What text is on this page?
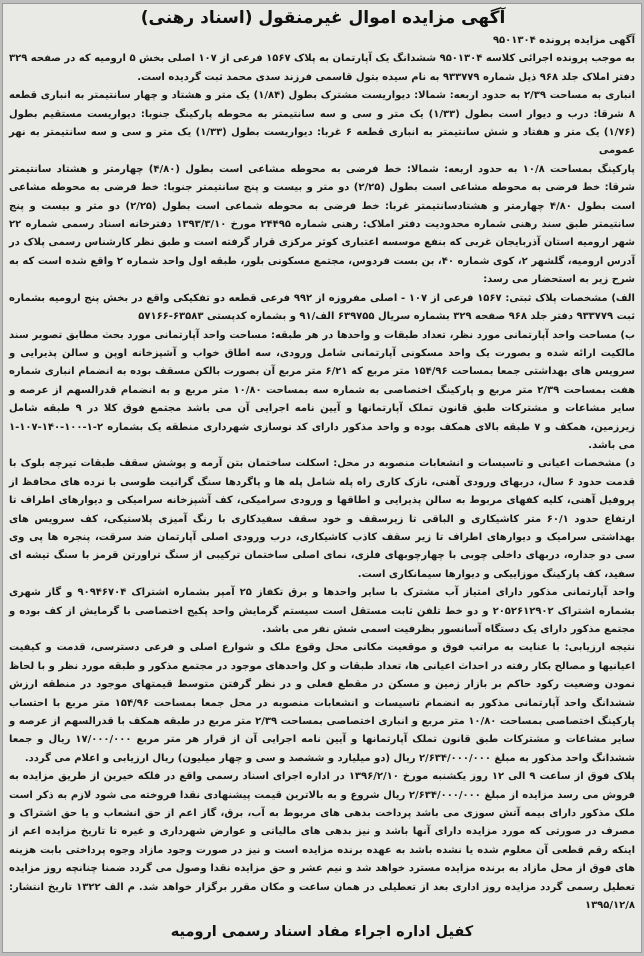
آگهی مزایده اموال غیرمنقول (اسناد رهنی)

آگهی مزایده پرونده ۹۵۰۱۳۰۴

به موجب پرونده اجرائی کلاسه ۹۵۰۱۳۰۴ ششدانگ یک آپارتمان به پلاک ۱۵۶۷ فرعی از ۱۰۷ اصلی بخش ۵ ارومیه که در صفحه ۳۲۹ دفتر املاک جلد ۹۶۸ ذیل شماره ۹۳۳۷۷۹ به نام سیده بتول قاسمی فرزند سدی محمد ثبت گردیده است.

انباری به مساحت ۲/۳۹ به حدود اربعه: شمالا: دیواریست مشترک بطول (۱/۸۴) یک متر و هشتاد و چهار سانتیمتر به انباری قطعه ۸ شرقا: درب و دیوار است بطول (۱/۳۳) یک متر و سی و سه سانتیمتر به محوطه پارکینگ جنوبا: دیواریست مستقیم بطول (۱/۷۶) یک متر و هفتاد و شش سانتیمتر به انباری قطعه ۶ غربا: دیواریست بطول (۱/۳۳) یک متر و سی و سه سانتیمتر به نهر عمومی

پارکینگ بمساحت ۱۰/۸ به حدود اربعه: شمالا: خط فرضی به محوطه مشاعی است بطول (۴/۸۰) چهارمتر و هشتاد سانتیمتر شرقا: خط فرضی به محوطه مشاعی است بطول (۲/۲۵) دو متر و بیست و پنج سانتیمتر جنوبا: خط فرضی به محوطه مشاعی است بطول ۴/۸۰ چهارمتر و هشتادسانتیمتر غربا: خط فرضی به محوطه شماعی است بطول (۲/۲۵) دو متر و بیست و پنج سانتیمتر طبق سند رهنی شماره محدودیت دفتر املاک: رهنی شماره ۲۴۴۹۵ مورخ ۱۳۹۳/۳/۱۰ دفترخانه اسناد رسمی شماره ۲۲ شهر ارومیه استان آذربایجان غربی که بنفع موسسه اعتباری کوثر مرکزی قرار گرفته است و طبق نظر کارشناس رسمی پلاک در آدرس ارومیه، گلشهر ۲، کوی شماره ۴۰، بن بست فردوس، مجتمع مسکونی بلور، طبقه اول واحد شماره ۲ واقع شده است که به شرح زیر به استحضار می رسد:

الف) مشخصات پلاک ثبتی: ۱۵۶۷ فرعی از ۱۰۷ - اصلی مفروزه از ۹۹۲ فرعی قطعه دو تفکیکی واقع در بخش پنج ارومیه بشماره ثبت ۹۳۳۷۷۹ دفتر جلد ۹۶۸ صفحه ۳۲۹ بشماره سریال ۶۳۹۷۵۵ الف/۹۱ و بشماره کدپستی ۶۳۵۸۳-۵۷۱۶۶

ب) مساحت واحد آپارتمانی مورد نظر، تعداد طبقات و واحدها در هر طبقه: مساحت واحد آپارتمانی مورد بحث مطابق تصویر سند مالکیت ارائه شده و بصورت یک واحد مسکونی آپارتمانی شامل ورودی، سه اطاق خواب و آشپزخانه اوپن و سالن پذیرایی و سرویس های بهداشتی جمعا بمساحت ۱۵۴/۹۶ متر مربع که ۶/۲۱ متر مربع آن بصورت بالکن مسقف بوده به انضمام انباری شماره هفت بمساحت ۲/۳۹ متر مربع و پارکینگ اختصاصی به شماره سه بمساحت ۱۰/۸۰ متر مربع و به انضمام قدرالسهم از عرصه و سایر مشاعات و مشترکات طبق قانون تملک آپارتمانها و آیین نامه اجرایی آن می باشد مجتمع فوق کلا در ۹ طبقه شامل زیرزمین، همکف و ۷ طبقه بالای همکف بوده و واحد مذکور دارای کد نوسازی شهرداری منطقه یک بشماره ۲-۱-۱۰۰-۱۴۰-۱۰۷-۱ می باشد.

د) مشخصات اعیانی و تاسیسات و انشعابات منصوبه در محل: اسکلت ساختمان بتن آرمه و پوشش سقف طبقات تیرچه بلوک با قدمت حدود ۶ سال، دربهای ورودی آهنی، نازک کاری راه پله شامل پله ها و پاگردها سنگ گرانیت طوسی با نرده های محافظ از پروفیل آهنی، کلیه کفهای مربوط به سالن پذیرایی و اطاقها و ورودی سرامیکی، کف آشپزخانه سرامیکی و دیوارهای اطراف تا ارتفاع حدود ۶۰/۱ متر کاشیکاری و الباقی تا زیرسقف و خود سقف سفیدکاری با رنگ آمیزی پلاستیکی، کف سرویس های بهداشتی سرامیک و دیوارهای اطراف تا زیر سقف کاذب کاشیکاری، درب ورودی اصلی آپارتمان ضد سرقت، پنجره ها پی وی سی دو جداره، دربهای داخلی چوبی با چهارچوبهای فلزی، نمای اصلی ساختمان ترکیبی از سنگ تراورتن قرمز با سنگ تیشه ای سفید، کف پارکینگ موزاییکی و دیوارها سیمانکاری است.

واحد آپارتمانی مذکور دارای امتیاز آب مشترک با سایر واحدها و برق تکفاز ۲۵ آمپر بشماره اشتراک ۹۰۹۴۶۷۰۴ و گاز شهری بشماره اشتراک ۲۰۵۲۶۱۲۹۰۲ و دو خط تلفن ثابت مستقل است سیستم گرمایش واحد پکیج اختصاصی با گرمایش از کف بوده و مجتمع مذکور دارای یک دستگاه آسانسور بظرفیت اسمی شش نفر می باشد.

نتیجه ارزیابی: با عنایت به مراتب فوق و موقعیت مکانی محل وقوع ملک و شوارع اصلی و فرعی دسترسی، قدمت و کیفیت اعیانیها و مصالح بکار رفته در احداث اعیانی ها، تعداد طبقات و کل واحدهای موجود در مجتمع مذکور و طبقه مورد نظر و با لحاظ نمودن وضعیت رکود حاکم بر بازار زمین و مسکن در مقطع فعلی و در نظر گرفتن متوسط قیمتهای موجود در منطقه ارزش ششدانگ واحد آپارتمانی مذکور به انضمام تاسیسات و انشعابات منصوبه در محل جمعا بمساحت ۱۵۴/۹۶ متر مربع با احتساب پارکینگ اختصاصی بمساحت ۱۰/۸۰ متر مربع و انباری اختصاصی بمساحت ۲/۳۹ متر مربع در طبقه همکف با قدرالسهم از عرصه و سایر مشاعات و مشترکات طبق قانون تملک آپارتمانها و آیین نامه اجرایی آن از قرار هر متر مربع ۱۷/۰۰۰/۰۰۰ ریال و جمعا ششدانگ واحد مذکور به مبلغ ۲/۶۳۴/۰۰۰/۰۰۰ ریال (دو میلیارد و ششصد و سی و چهار میلیون) ریال ارزیابی و اعلام می گردد.

پلاک فوق از ساعت ۹ الی ۱۲ روز یکشنبه مورخ ۱۳۹۶/۲/۱۰ در اداره اجرای اسناد رسمی واقع در فلکه خیرین از طریق مزایده به فروش می رسد مزایده از مبلغ ۲/۶۳۴/۰۰۰/۰۰۰ ریال شروع و به بالاترین قیمت پیشنهادی نقدا فروخته می شود لازم به ذکر است ملک مذکور دارای بیمه آتش سوزی می باشد پرداخت بدهی های مربوط به آب، برق، گاز اعم از حق انشعاب و یا حق اشتراک و مصرف در صورتی که مورد مزایده دارای آنها باشد و نیز بدهی های مالیاتی و عوارض شهرداری و غیره تا تاریخ مزایده اعم از اینکه رقم قطعی آن معلوم شده یا نشده باشد به عهده برنده مزایده است و نیز در صورت وجود مازاد وجوه پرداختی بابت هزینه های فوق از محل مازاد به برنده مزایده مسترد خواهد شد و نیم عشر و حق مزایده نقدا وصول می گردد ضمنا چنانچه روز مزایده تعطیل رسمی گردد مزایده روز اداری بعد از تعطیلی در همان ساعت و مکان مقرر برگزار خواهد شد. م الف ۱۳۲۲ تاریخ انتشار: ۱۳۹۵/۱۲/۸

کفیل اداره اجراء مفاد اسناد رسمی ارومیه
